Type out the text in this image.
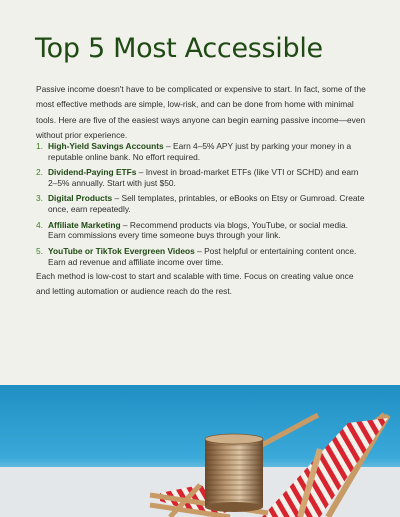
Top 5 Most Accessible

Passive income doesn't have to be complicated or expensive to start. In fact, some of the most effective methods are simple, low-risk, and can be done from home with minimal tools. Here are five of the easiest ways anyone can begin earning passive income—even without prior experience.

1. High-Yield Savings Accounts – Earn 4–5% APY just by parking your money in a reputable online bank. No effort required.
2. Dividend-Paying ETFs – Invest in broad-market ETFs (like VTI or SCHD) and earn 2–5% annually. Start with just $50.
3. Digital Products – Sell templates, printables, or eBooks on Etsy or Gumroad. Create once, earn repeatedly.
4. Affiliate Marketing – Recommend products via blogs, YouTube, or social media. Earn commissions every time someone buys through your link.
5. YouTube or TikTok Evergreen Videos – Post helpful or entertaining content once. Earn ad revenue and affiliate income over time.

Each method is low-cost to start and scalable with time. Focus on creating value once and letting automation or audience reach do the rest.
